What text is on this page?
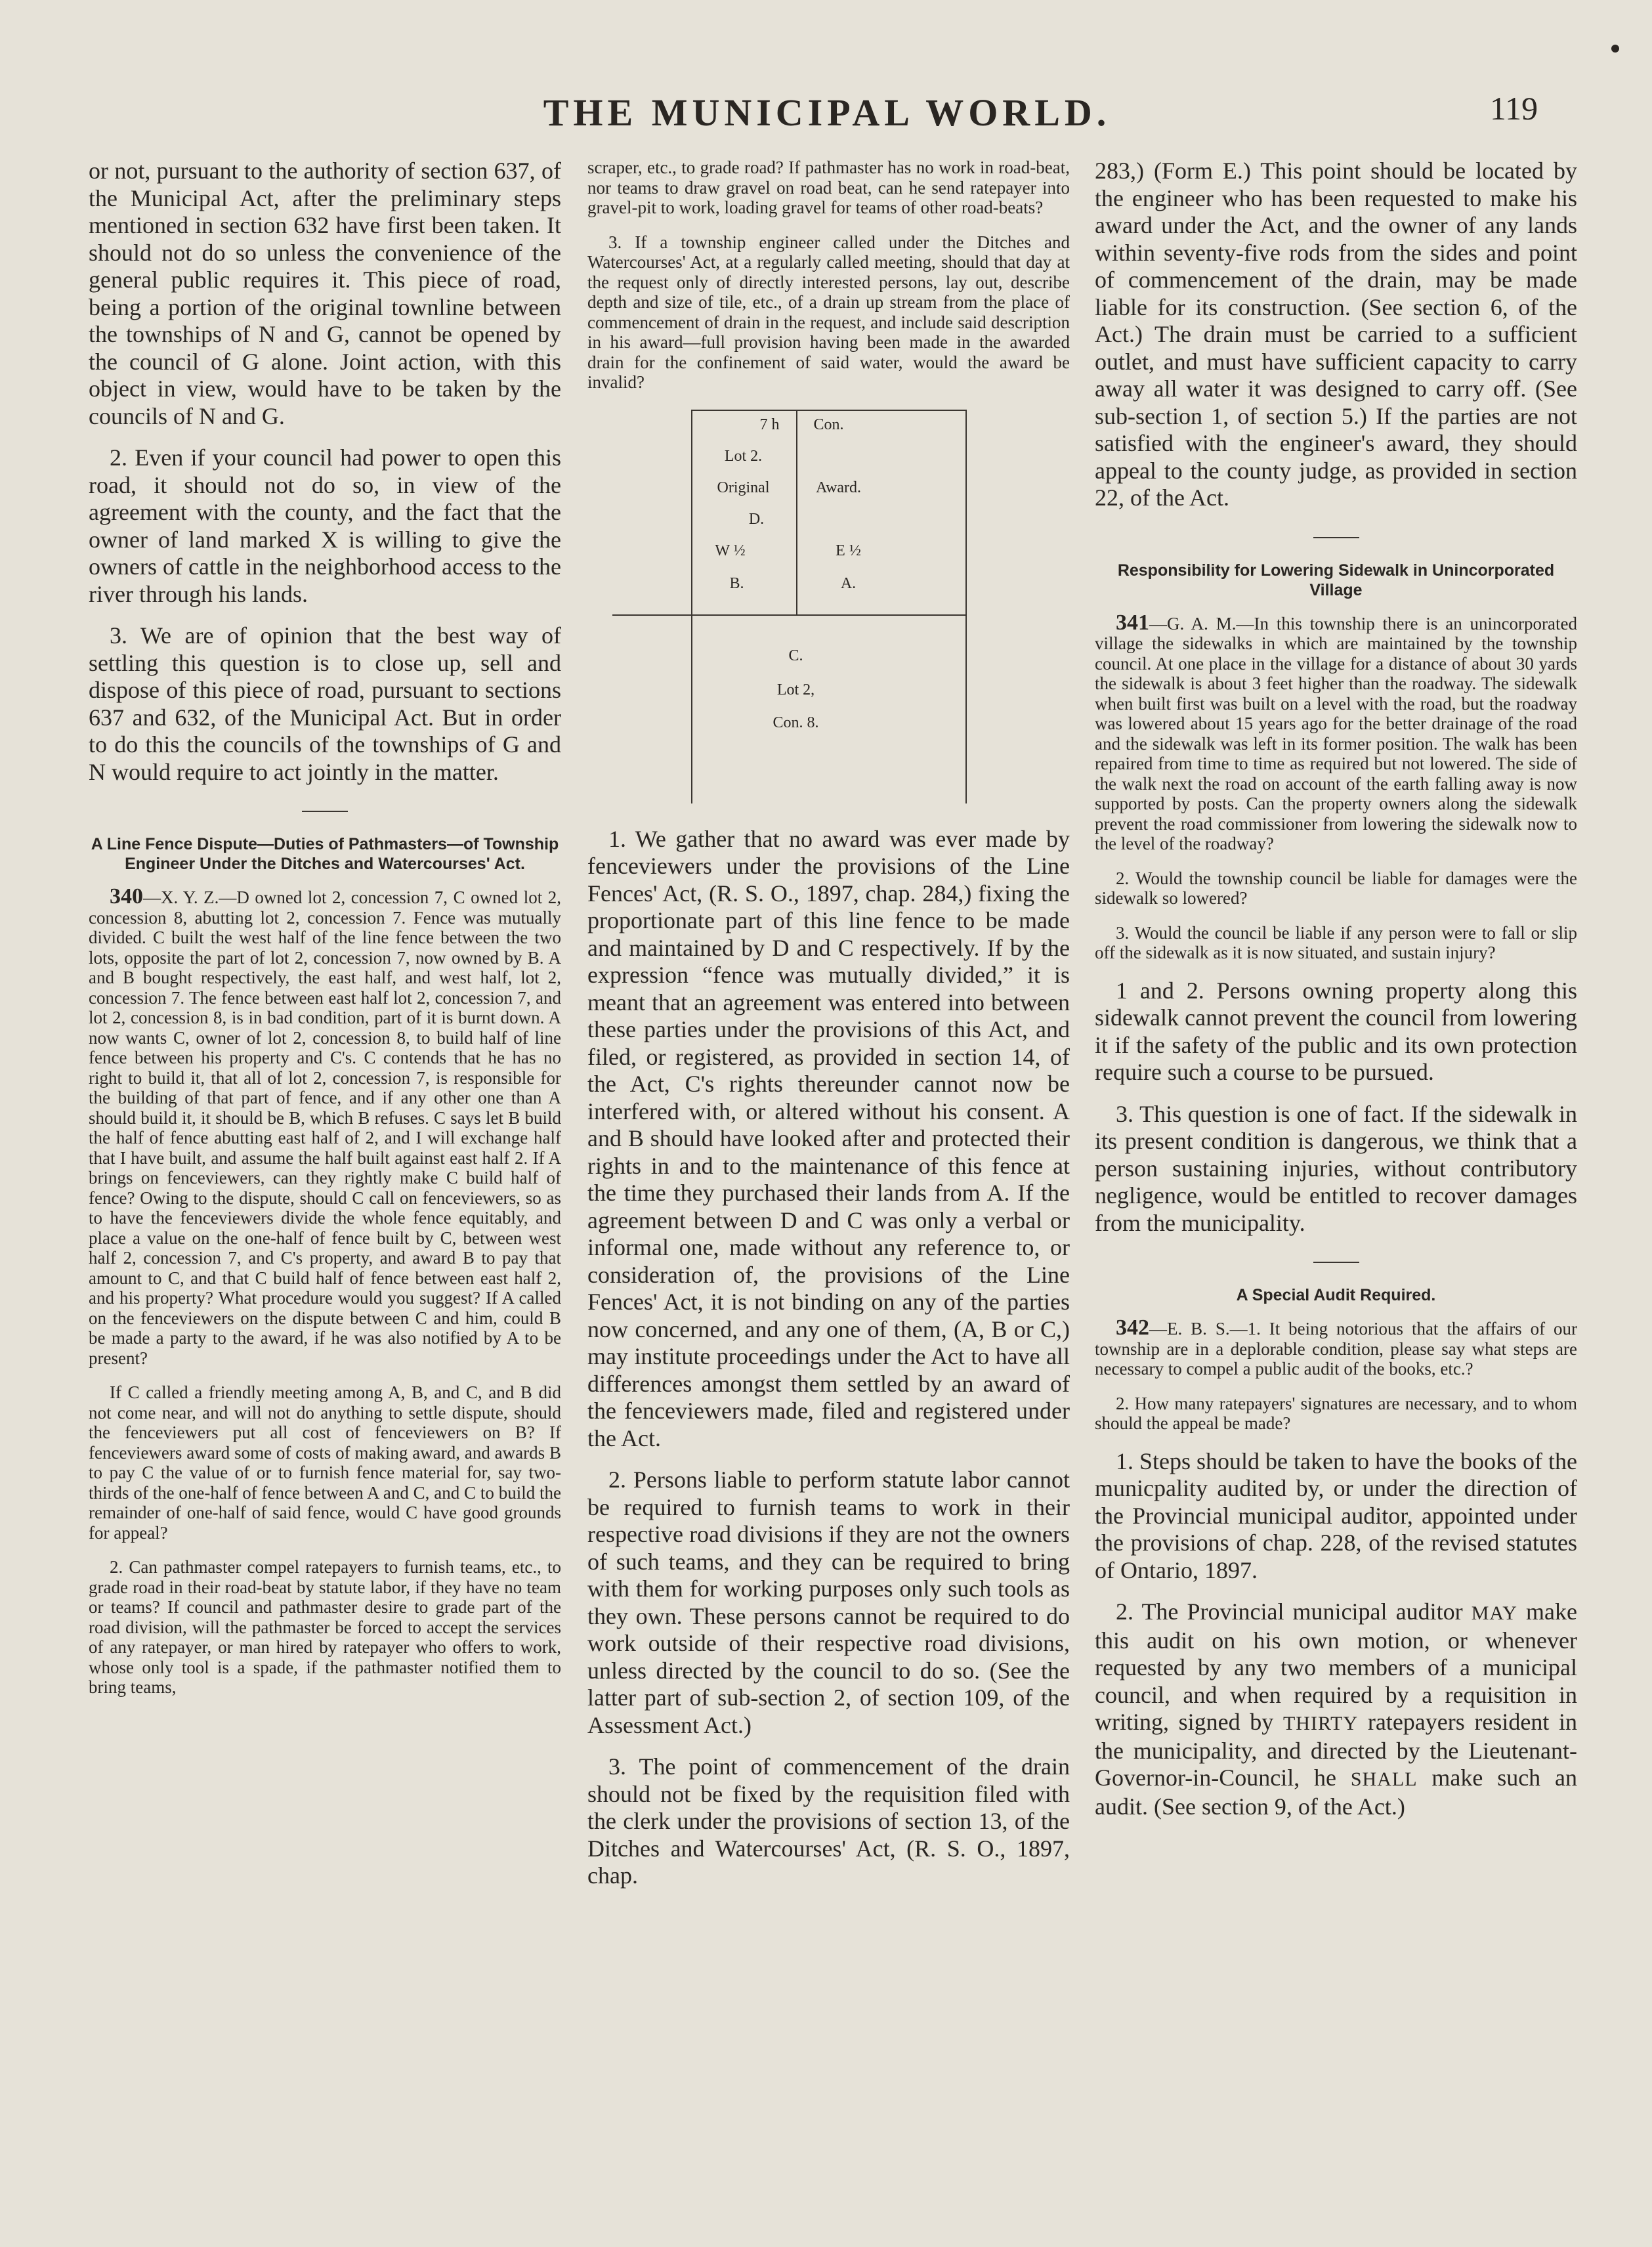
THE MUNICIPAL WORLD.	119

or not, pursuant to the authority of section 637, of the Municipal Act, after the preliminary steps mentioned in section 632 have first been taken. It should not do so unless the convenience of the general public requires it. This piece of road, being a portion of the original townline between the townships of N and G, cannot be opened by the council of G alone. Joint action, with this object in view, would have to be taken by the councils of N and G.

2. Even if your council had power to open this road, it should not do so, in view of the agreement with the county, and the fact that the owner of land marked X is willing to give the owners of cattle in the neighborhood access to the river through his lands.

3. We are of opinion that the best way of settling this question is to close up, sell and dispose of this piece of road, pursuant to sections 637 and 632, of the Municipal Act. But in order to do this the councils of the townships of G and N would require to act jointly in the matter.

A Line Fence Dispute—Duties of Pathmasters—of Township Engineer Under the Ditches and Watercourses' Act.

340—X. Y. Z.—D owned lot 2, concession 7, C owned lot 2, concession 8, abutting lot 2, concession 7. Fence was mutually divided. C built the west half of the line fence between the two lots, opposite the part of lot 2, concession 7, now owned by B. A and B bought respectively, the east half, and west half, lot 2, concession 7. The fence between east half lot 2, concession 7, and lot 2, concession 8, is in bad condition, part of it is burnt down. A now wants C, owner of lot 2, concession 8, to build half of line fence between his property and C's. C contends that he has no right to build it, that all of lot 2, concession 7, is responsible for the building of that part of fence, and if any other one than A should build it, it should be B, which B refuses. C says let B build the half of fence abutting east half of 2, and I will exchange half that I have built, and assume the half built against east half 2. If A brings on fenceviewers, can they rightly make C build half of fence? Owing to the dispute, should C call on fenceviewers, so as to have the fenceviewers divide the whole fence equitably, and place a value on the one-half of fence built by C, between west half 2, concession 7, and C's property, and award B to pay that amount to C, and that C build half of fence between east half 2, and his property? What procedure would you suggest? If A called on the fenceviewers on the dispute between C and him, could B be made a party to the award, if he was also notified by A to be present?

If C called a friendly meeting among A, B, and C, and B did not come near, and will not do anything to settle dispute, should the fenceviewers put all cost of fenceviewers on B? If fenceviewers award some of costs of making award, and awards B to pay C the value of or to furnish fence material for, say two-thirds of the one-half of fence between A and C, and C to build the remainder of one-half of said fence, would C have good grounds for appeal?

2. Can pathmaster compel ratepayers to furnish teams, etc., to grade road in their road-beat by statute labor, if they have no team or teams? If council and pathmaster desire to grade part of the road division, will the pathmaster be forced to accept the services of any ratepayer, or man hired by ratepayer who offers to work, whose only tool is a spade, if the pathmaster notified them to bring teams,

scraper, etc., to grade road? If pathmaster has no work in road-beat, nor teams to draw gravel on road beat, can he send ratepayer into gravel-pit to work, loading gravel for teams of other road-beats?

3. If a township engineer called under the Ditches and Watercourses' Act, at a regularly called meeting, should that day at the request only of directly interested persons, lay out, describe depth and size of tile, etc., of a drain up stream from the place of commencement of drain in the request, and include said description in his award—full provision having been made in the awarded drain for the confinement of said water, would the award be invalid?

7 h	Con.
Lot 2.
Original	Award.
D.
W ½	E ½
B.	A.
C.
Lot 2,
Con. 8.

1. We gather that no award was ever made by fenceviewers under the provisions of the Line Fences' Act, (R. S. O., 1897, chap. 284,) fixing the proportionate part of this line fence to be made and maintained by D and C respectively. If by the expression “fence was mutually divided,” it is meant that an agreement was entered into between these parties under the provisions of this Act, and filed, or registered, as provided in section 14, of the Act, C's rights thereunder cannot now be interfered with, or altered without his consent. A and B should have looked after and protected their rights in and to the maintenance of this fence at the time they purchased their lands from A. If the agreement between D and C was only a verbal or informal one, made without any reference to, or consideration of, the provisions of the Line Fences' Act, it is not binding on any of the parties now concerned, and any one of them, (A, B or C,) may institute proceedings under the Act to have all differences amongst them settled by an award of the fenceviewers made, filed and registered under the Act.

2. Persons liable to perform statute labor cannot be required to furnish teams to work in their respective road divisions if they are not the owners of such teams, and they can be required to bring with them for working purposes only such tools as they own. These persons cannot be required to do work outside of their respective road divisions, unless directed by the council to do so. (See the latter part of sub-section 2, of section 109, of the Assessment Act.)

3. The point of commencement of the drain should not be fixed by the requisition filed with the clerk under the provisions of section 13, of the Ditches and Watercourses' Act, (R. S. O., 1897, chap.

283,) (Form E.) This point should be located by the engineer who has been requested to make his award under the Act, and the owner of any lands within seventy-five rods from the sides and point of commencement of the drain, may be made liable for its construction. (See section 6, of the Act.) The drain must be carried to a sufficient outlet, and must have sufficient capacity to carry away all water it was designed to carry off. (See sub-section 1, of section 5.) If the parties are not satisfied with the engineer's award, they should appeal to the county judge, as provided in section 22, of the Act.

Responsibility for Lowering Sidewalk in Unincorporated Village

341—G. A. M.—In this township there is an unincorporated village the sidewalks in which are maintained by the township council. At one place in the village for a distance of about 30 yards the sidewalk is about 3 feet higher than the roadway. The sidewalk when built first was built on a level with the road, but the roadway was lowered about 15 years ago for the better drainage of the road and the sidewalk was left in its former position. The walk has been repaired from time to time as required but not lowered. The side of the walk next the road on account of the earth falling away is now supported by posts. Can the property owners along the sidewalk prevent the road commissioner from lowering the sidewalk now to the level of the roadway?

2. Would the township council be liable for damages were the sidewalk so lowered?

3. Would the council be liable if any person were to fall or slip off the sidewalk as it is now situated, and sustain injury?

1 and 2. Persons owning property along this sidewalk cannot prevent the council from lowering it if the safety of the public and its own protection require such a course to be pursued.

3. This question is one of fact. If the sidewalk in its present condition is dangerous, we think that a person sustaining injuries, without contributory negligence, would be entitled to recover damages from the municipality.

A Special Audit Required.

342—E. B. S.—1. It being notorious that the affairs of our township are in a deplorable condition, please say what steps are necessary to compel a public audit of the books, etc.?

2. How many ratepayers' signatures are necessary, and to whom should the appeal be made?

1. Steps should be taken to have the books of the municpality audited by, or under the direction of the Provincial municipal auditor, appointed under the provisions of chap. 228, of the revised statutes of Ontario, 1897.

2. The Provincial municipal auditor MAY make this audit on his own motion, or whenever requested by any two members of a municipal council, and when required by a requisition in writing, signed by THIRTY ratepayers resident in the municipality, and directed by the Lieutenant-Governor-in-Council, he SHALL make such an audit. (See section 9, of the Act.)
